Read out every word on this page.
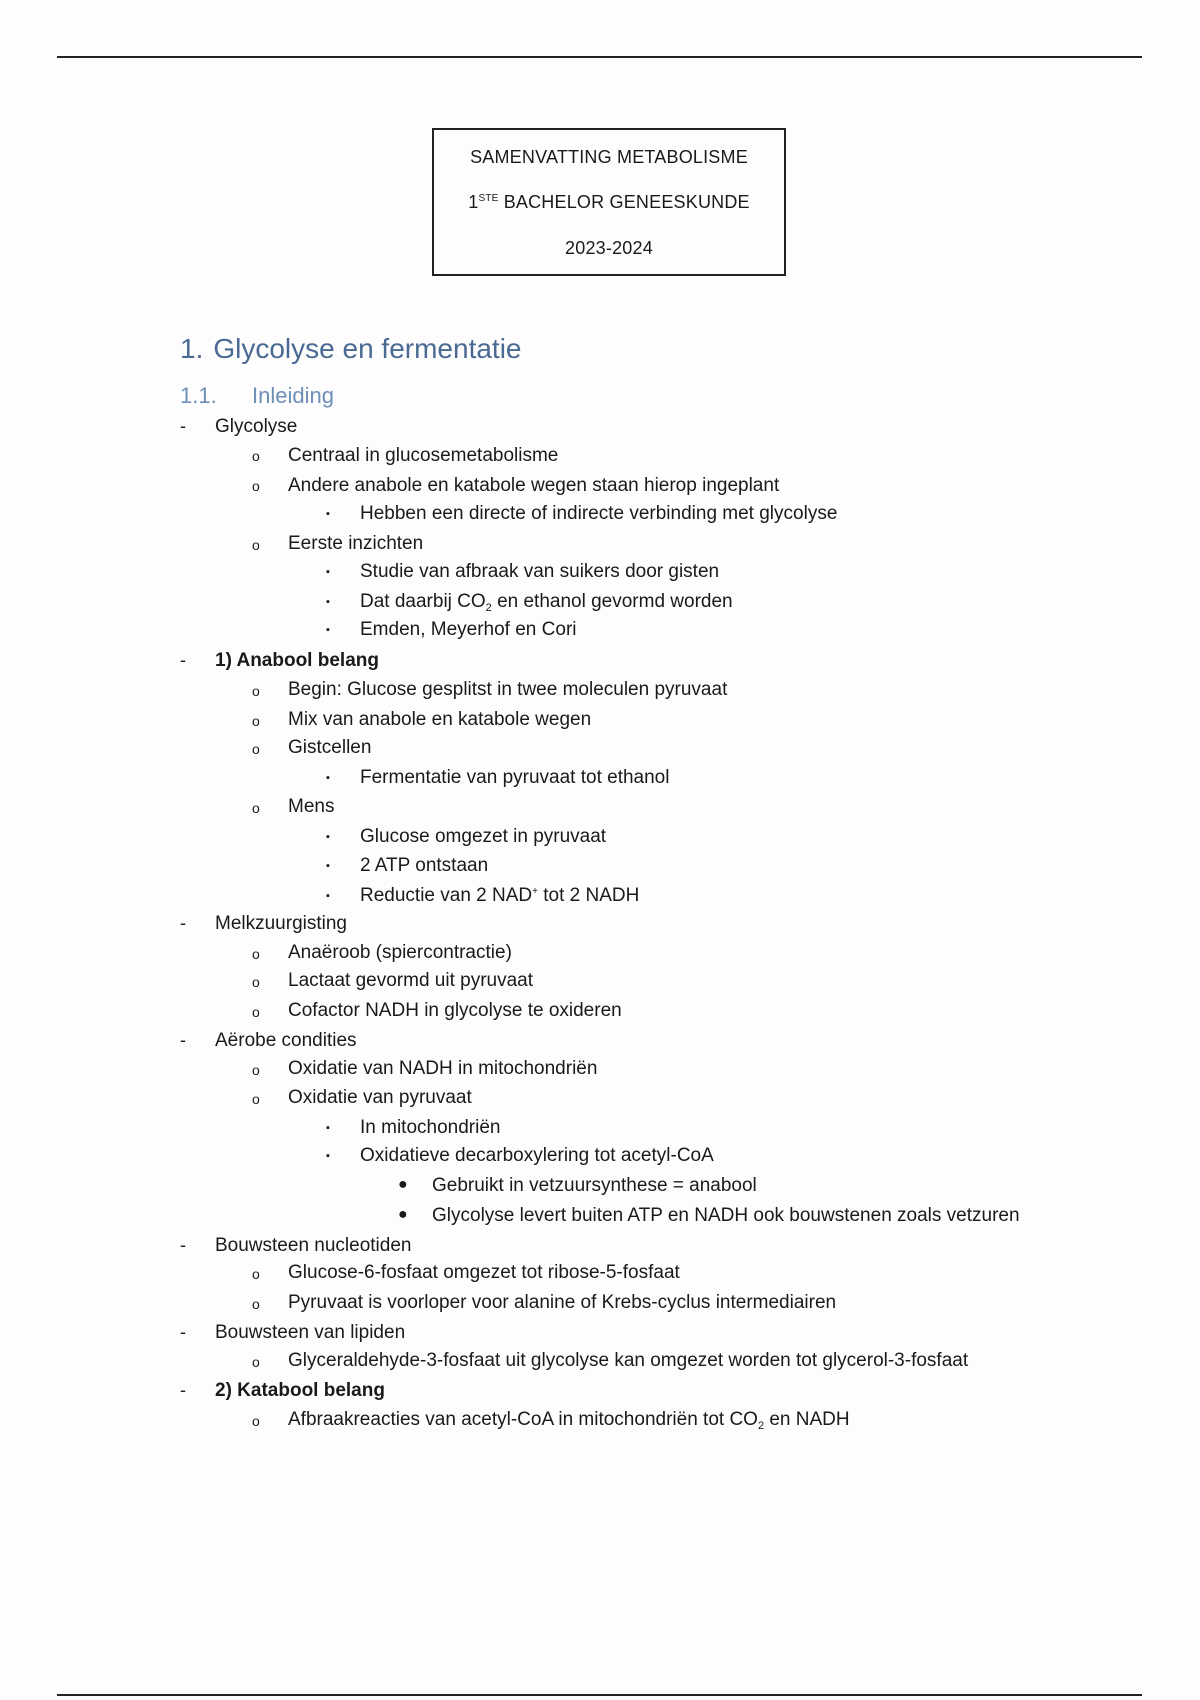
SAMENVATTING METABOLISME
1STE BACHELOR GENEESKUNDE
2023-2024
1. Glycolyse en fermentatie
1.1. Inleiding
- Glycolyse
o Centraal in glucosemetabolisme
o Andere anabole en katabole wegen staan hierop ingeplant
▪ Hebben een directe of indirecte verbinding met glycolyse
o Eerste inzichten
▪ Studie van afbraak van suikers door gisten
▪ Dat daarbij $CO_2$ en ethanol gevormd worden
▪ Emden, Meyerhof en Cori
- 1) Anabool belang
o Begin: Glucose gesplitst in twee moleculen pyruvaat
o Mix van anabole en katabole wegen
o Gistcellen
▪ Fermentatie van pyruvaat tot ethanol
o Mens
▪ Glucose omgezet in pyruvaat
▪ 2 ATP ontstaan
▪ Reductie van 2 NAD+ tot 2 NADH
- Melkzuurgisting
o Anaëroob (spiercontractie)
o Lactaat gevormd uit pyruvaat
o Cofactor NADH in glycolyse te oxideren
- Aërobe condities
o Oxidatie van NADH in mitochondriën
o Oxidatie van pyruvaat
▪ In mitochondriën
▪ Oxidatieve decarboxylering tot acetyl-CoA
● Gebruikt in vetzuursynthese = anabool
● Glycolyse levert buiten ATP en NADH ook bouwstenen zoals vetzuren
- Bouwsteen nucleotiden
o Glucose-6-fosfaat omgezet tot ribose-5-fosfaat
o Pyruvaat is voorloper voor alanine of Krebs-cyclus intermediairen
- Bouwsteen van lipiden
o Glyceraldehyde-3-fosfaat uit glycolyse kan omgezet worden tot glycerol-3-fosfaat
- 2) Katabool belang
o Afbraakreacties van acetyl-CoA in mitochondriën tot $CO_2$ en NADH
